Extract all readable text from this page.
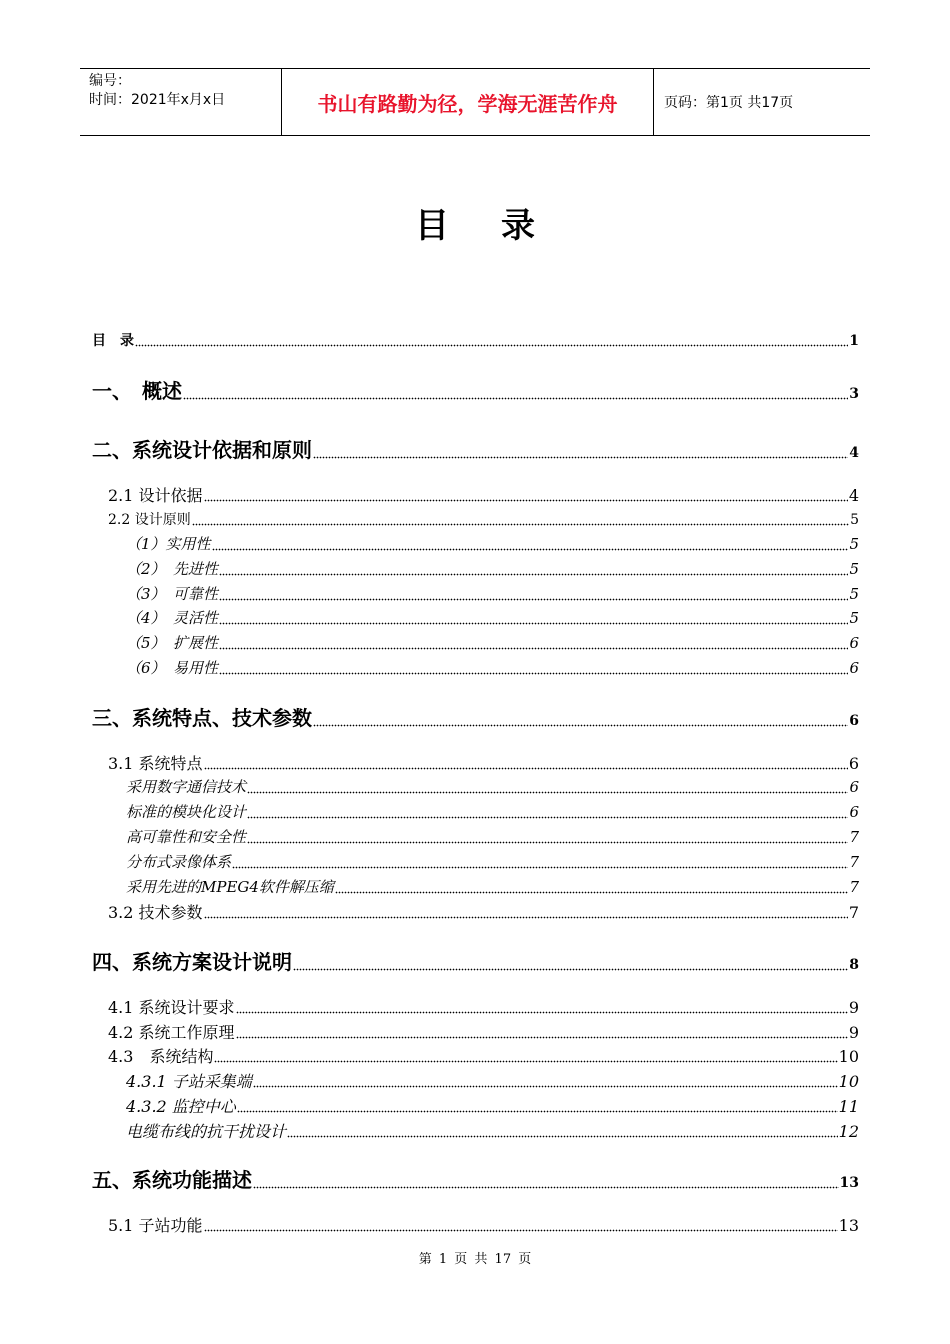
编号：
时间：2021年x月x日	书山有路勤为径，学海无涯苦作舟	页码：第1页 共17页
目 录
目　录	1
一、　概述	3
二、系统设计依据和原则	4
2.1 设计依据	4
2.2 设计原则	5
（1）实用性	5
（2）　先进性	5
（3）　可靠性	5
（4）　灵活性	5
（5）　扩展性	6
（6）　易用性	6
三、系统特点、技术参数	6
3.1 系统特点	6
采用数字通信技术	6
标准的模块化设计	6
高可靠性和安全性	7
分布式录像体系	7
采用先进的MPEG4软件解压缩	7
3.2 技术参数	7
四、系统方案设计说明	8
4.1 系统设计要求	9
4.2 系统工作原理	9
4.3　系统结构	10
4.3.1 子站采集端	10
4.3.2 监控中心	11
电缆布线的抗干扰设计	12
五、系统功能描述	13
5.1 子站功能	13
第 1 页 共 17 页
